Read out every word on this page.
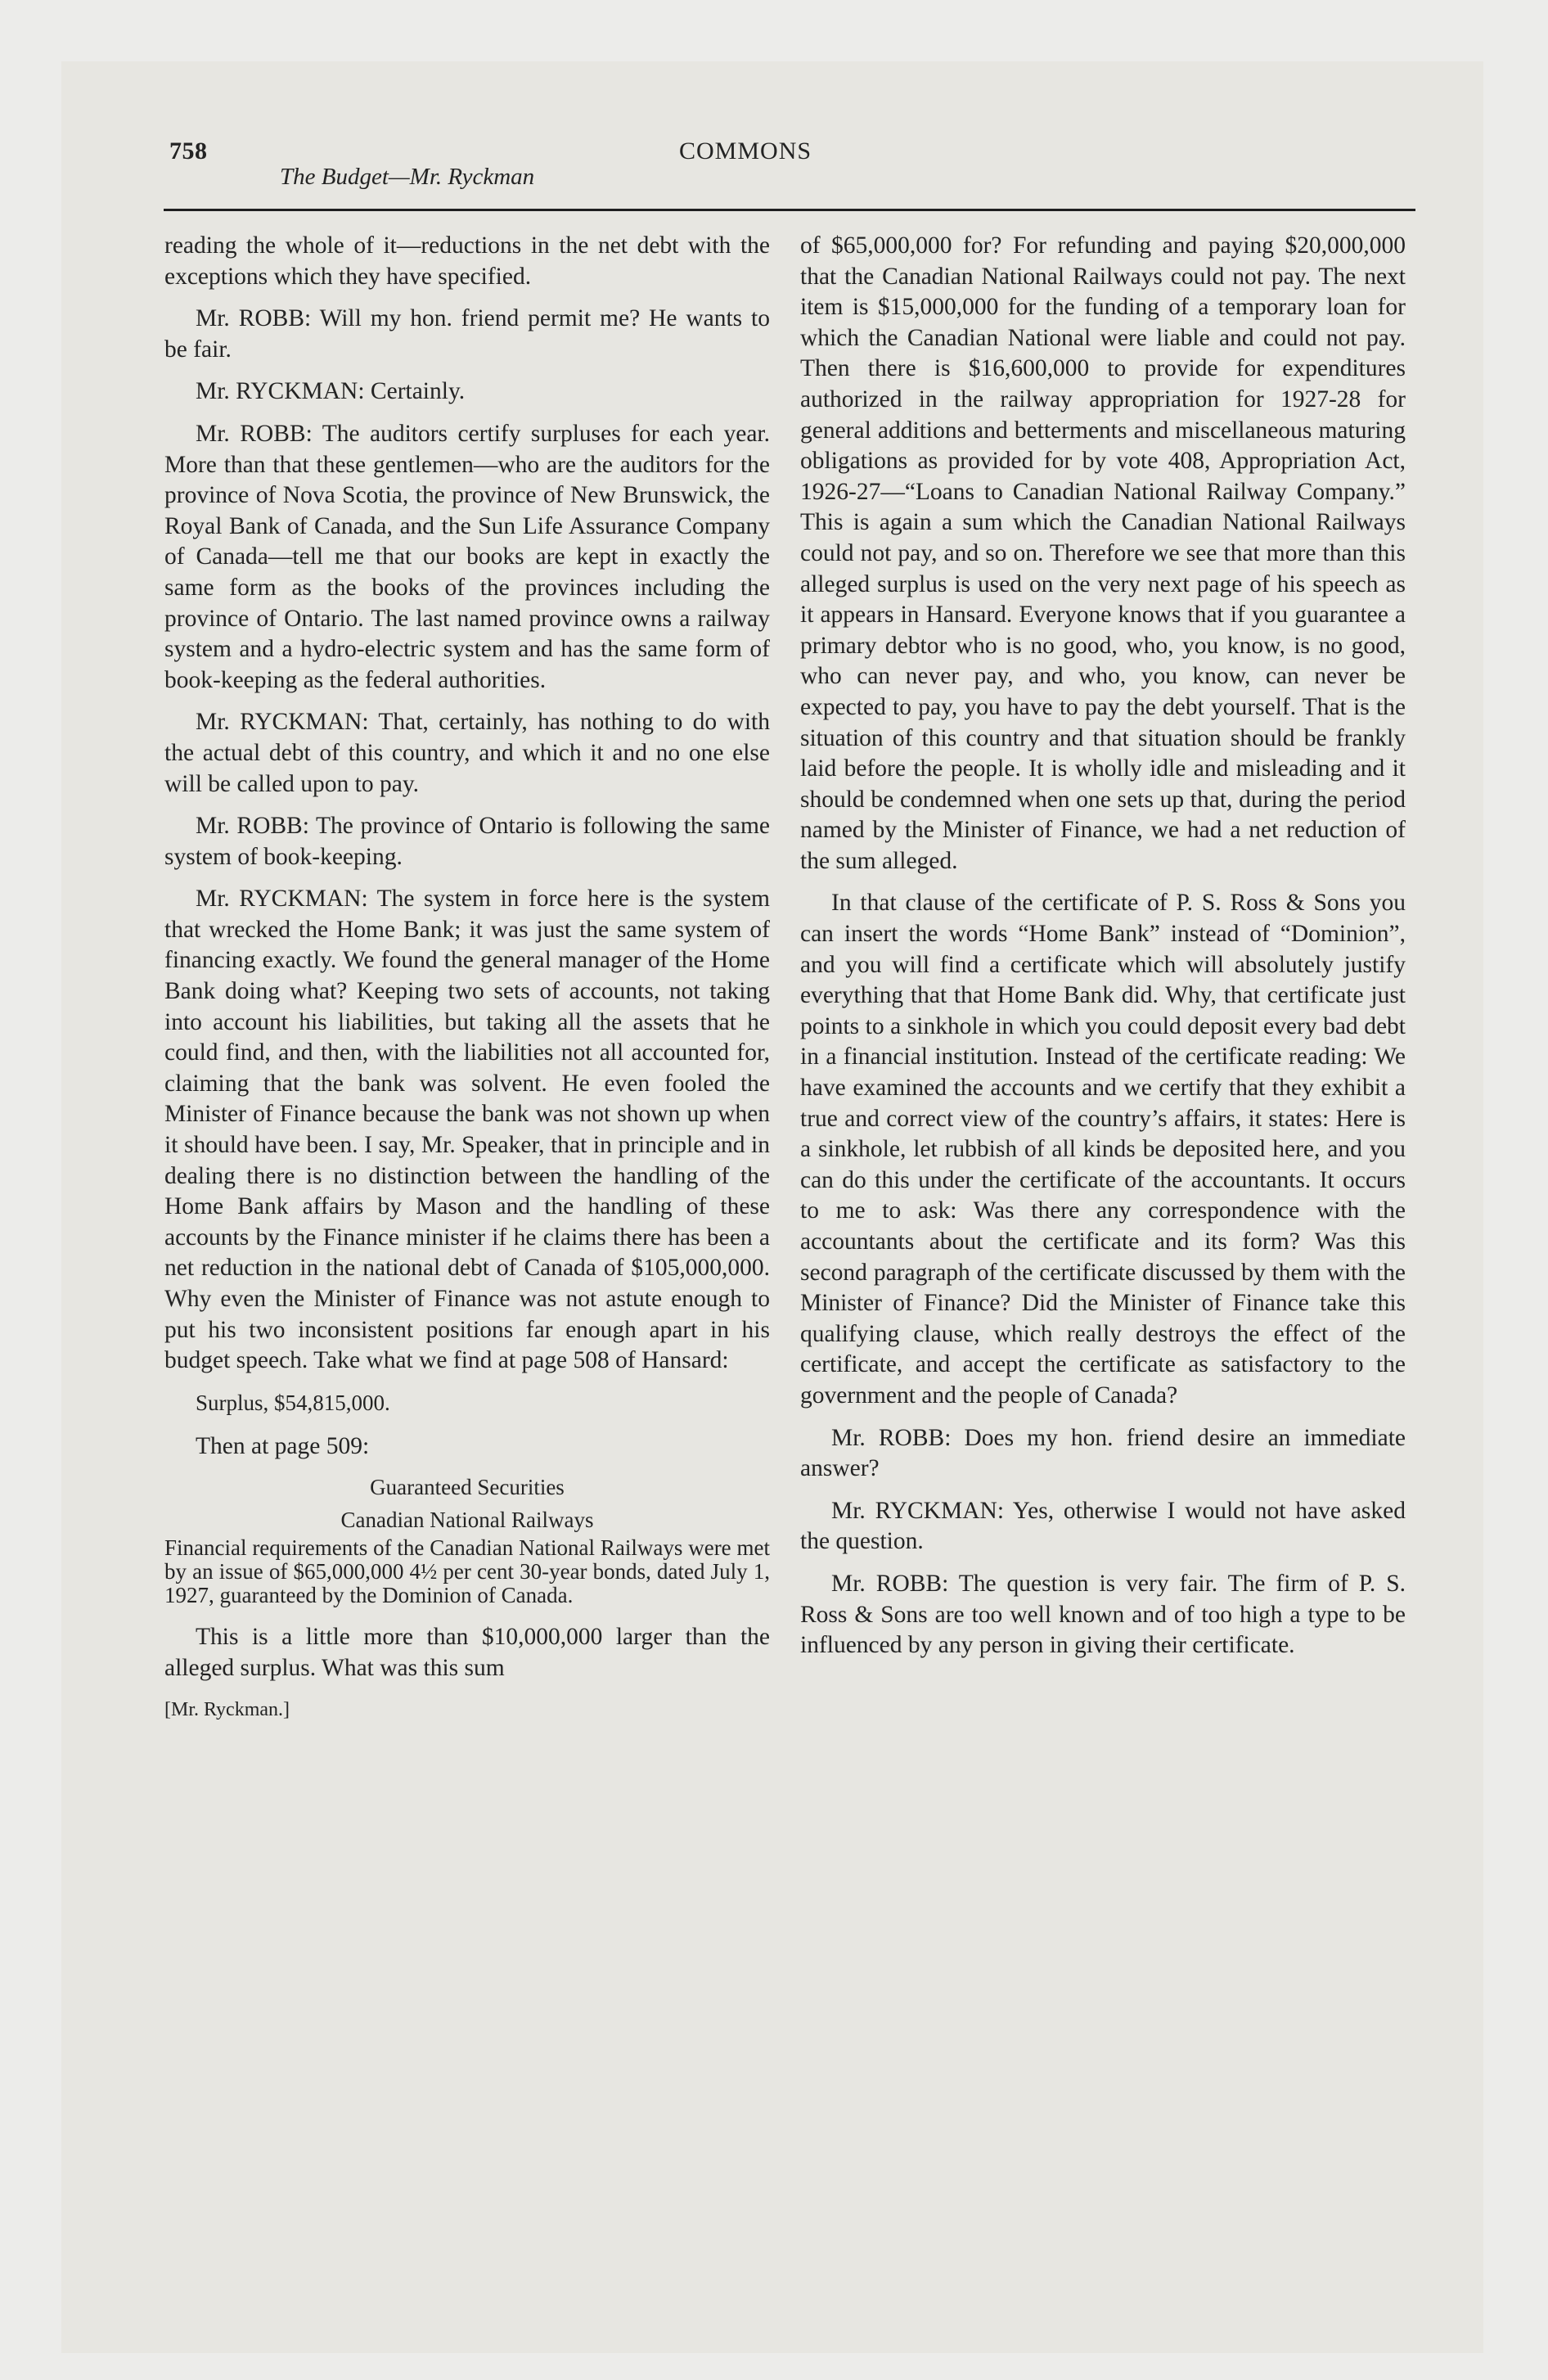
758	COMMONS
The Budget—Mr. Ryckman

reading the whole of it—reductions in the net debt with the exceptions which they have specified.

Mr. ROBB: Will my hon. friend permit me? He wants to be fair.

Mr. RYCKMAN: Certainly.

Mr. ROBB: The auditors certify surpluses for each year. More than that these gentlemen—who are the auditors for the province of Nova Scotia, the province of New Brunswick, the Royal Bank of Canada, and the Sun Life Assurance Company of Canada—tell me that our books are kept in exactly the same form as the books of the provinces including the province of Ontario. The last named province owns a railway system and a hydro-electric system and has the same form of book-keeping as the federal authorities.

Mr. RYCKMAN: That, certainly, has nothing to do with the actual debt of this country, and which it and no one else will be called upon to pay.

Mr. ROBB: The province of Ontario is following the same system of book-keeping.

Mr. RYCKMAN: The system in force here is the system that wrecked the Home Bank; it was just the same system of financing exactly. We found the general manager of the Home Bank doing what? Keeping two sets of accounts, not taking into account his liabilities, but taking all the assets that he could find, and then, with the liabilities not all accounted for, claiming that the bank was solvent. He even fooled the Minister of Finance because the bank was not shown up when it should have been. I say, Mr. Speaker, that in principle and in dealing there is no distinction between the handling of the Home Bank affairs by Mason and the handling of these accounts by the Finance minister if he claims there has been a net reduction in the national debt of Canada of $105,000,000. Why even the Minister of Finance was not astute enough to put his two inconsistent positions far enough apart in his budget speech. Take what we find at page 508 of Hansard:

Surplus, $54,815,000.

Then at page 509:

Guaranteed Securities

Canadian National Railways

Financial requirements of the Canadian National Railways were met by an issue of $65,000,000 4½ per cent 30-year bonds, dated July 1, 1927, guaranteed by the Dominion of Canada.

This is a little more than $10,000,000 larger than the alleged surplus. What was this sum

[Mr. Ryckman.]

of $65,000,000 for? For refunding and paying $20,000,000 that the Canadian National Railways could not pay. The next item is $15,000,000 for the funding of a temporary loan for which the Canadian National were liable and could not pay. Then there is $16,600,000 to provide for expenditures authorized in the railway appropriation for 1927-28 for general additions and betterments and miscellaneous maturing obligations as provided for by vote 408, Appropriation Act, 1926-27—“Loans to Canadian National Railway Company.” This is again a sum which the Canadian National Railways could not pay, and so on. Therefore we see that more than this alleged surplus is used on the very next page of his speech as it appears in Hansard. Everyone knows that if you guarantee a primary debtor who is no good, who, you know, is no good, who can never pay, and who, you know, can never be expected to pay, you have to pay the debt yourself. That is the situation of this country and that situation should be frankly laid before the people. It is wholly idle and misleading and it should be condemned when one sets up that, during the period named by the Minister of Finance, we had a net reduction of the sum alleged.

In that clause of the certificate of P. S. Ross & Sons you can insert the words “Home Bank” instead of “Dominion”, and you will find a certificate which will absolutely justify everything that that Home Bank did. Why, that certificate just points to a sinkhole in which you could deposit every bad debt in a financial institution. Instead of the certificate reading: We have examined the accounts and we certify that they exhibit a true and correct view of the country’s affairs, it states: Here is a sinkhole, let rubbish of all kinds be deposited here, and you can do this under the certificate of the accountants. It occurs to me to ask: Was there any correspondence with the accountants about the certificate and its form? Was this second paragraph of the certificate discussed by them with the Minister of Finance? Did the Minister of Finance take this qualifying clause, which really destroys the effect of the certificate, and accept the certificate as satisfactory to the government and the people of Canada?

Mr. ROBB: Does my hon. friend desire an immediate answer?

Mr. RYCKMAN: Yes, otherwise I would not have asked the question.

Mr. ROBB: The question is very fair. The firm of P. S. Ross & Sons are too well known and of too high a type to be influenced by any person in giving their certificate.
